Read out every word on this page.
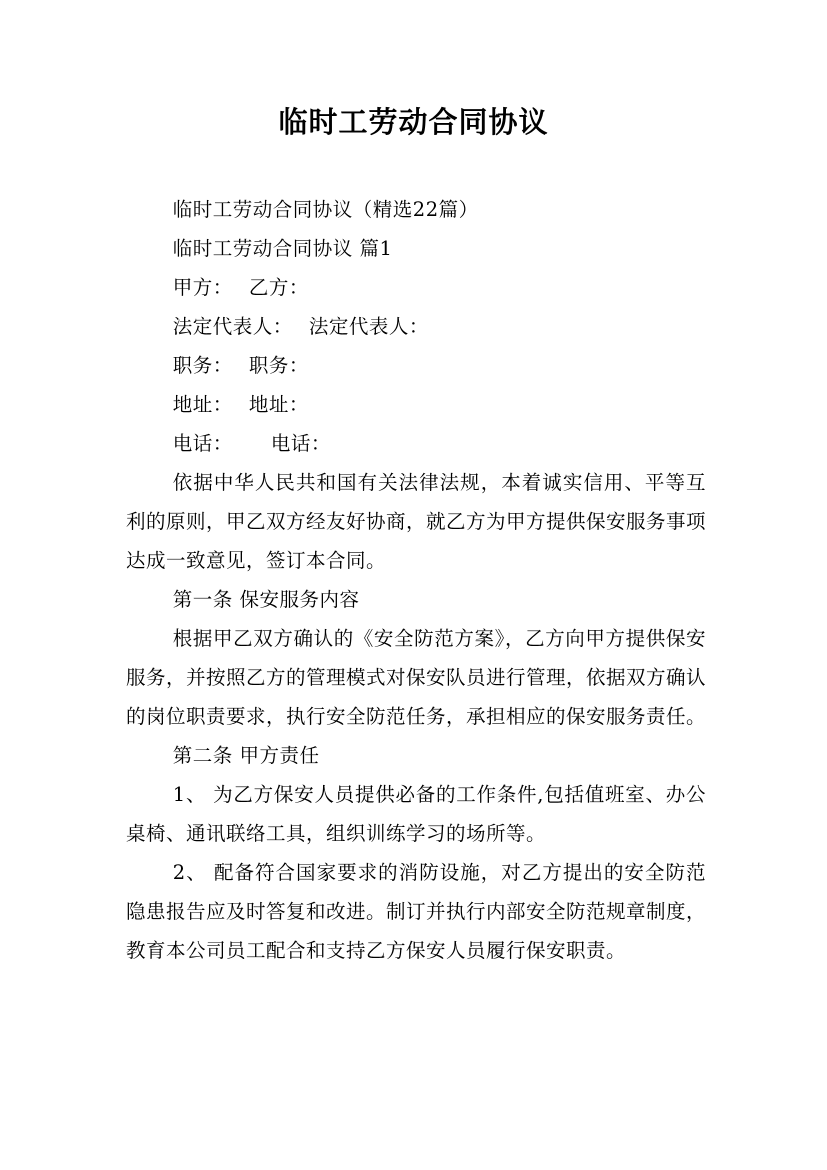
临时工劳动合同协议

临时工劳动合同协议（精选22篇）

临时工劳动合同协议 篇1

甲方： 乙方：

法定代表人： 法定代表人：

职务： 职务：

地址： 地址：

电话： 电话：

依据中华人民共和国有关法律法规，本着诚实信用、平等互利的原则，甲乙双方经友好协商，就乙方为甲方提供保安服务事项达成一致意见，签订本合同。

第一条 保安服务内容

根据甲乙双方确认的《安全防范方案》，乙方向甲方提供保安服务，并按照乙方的管理模式对保安队员进行管理，依据双方确认的岗位职责要求，执行安全防范任务，承担相应的保安服务责任。

第二条 甲方责任

1、 为乙方保安人员提供必备的工作条件,包括值班室、办公桌椅、通讯联络工具，组织训练学习的场所等。

2、 配备符合国家要求的消防设施，对乙方提出的安全防范隐患报告应及时答复和改进。制订并执行内部安全防范规章制度，教育本公司员工配合和支持乙方保安人员履行保安职责。
